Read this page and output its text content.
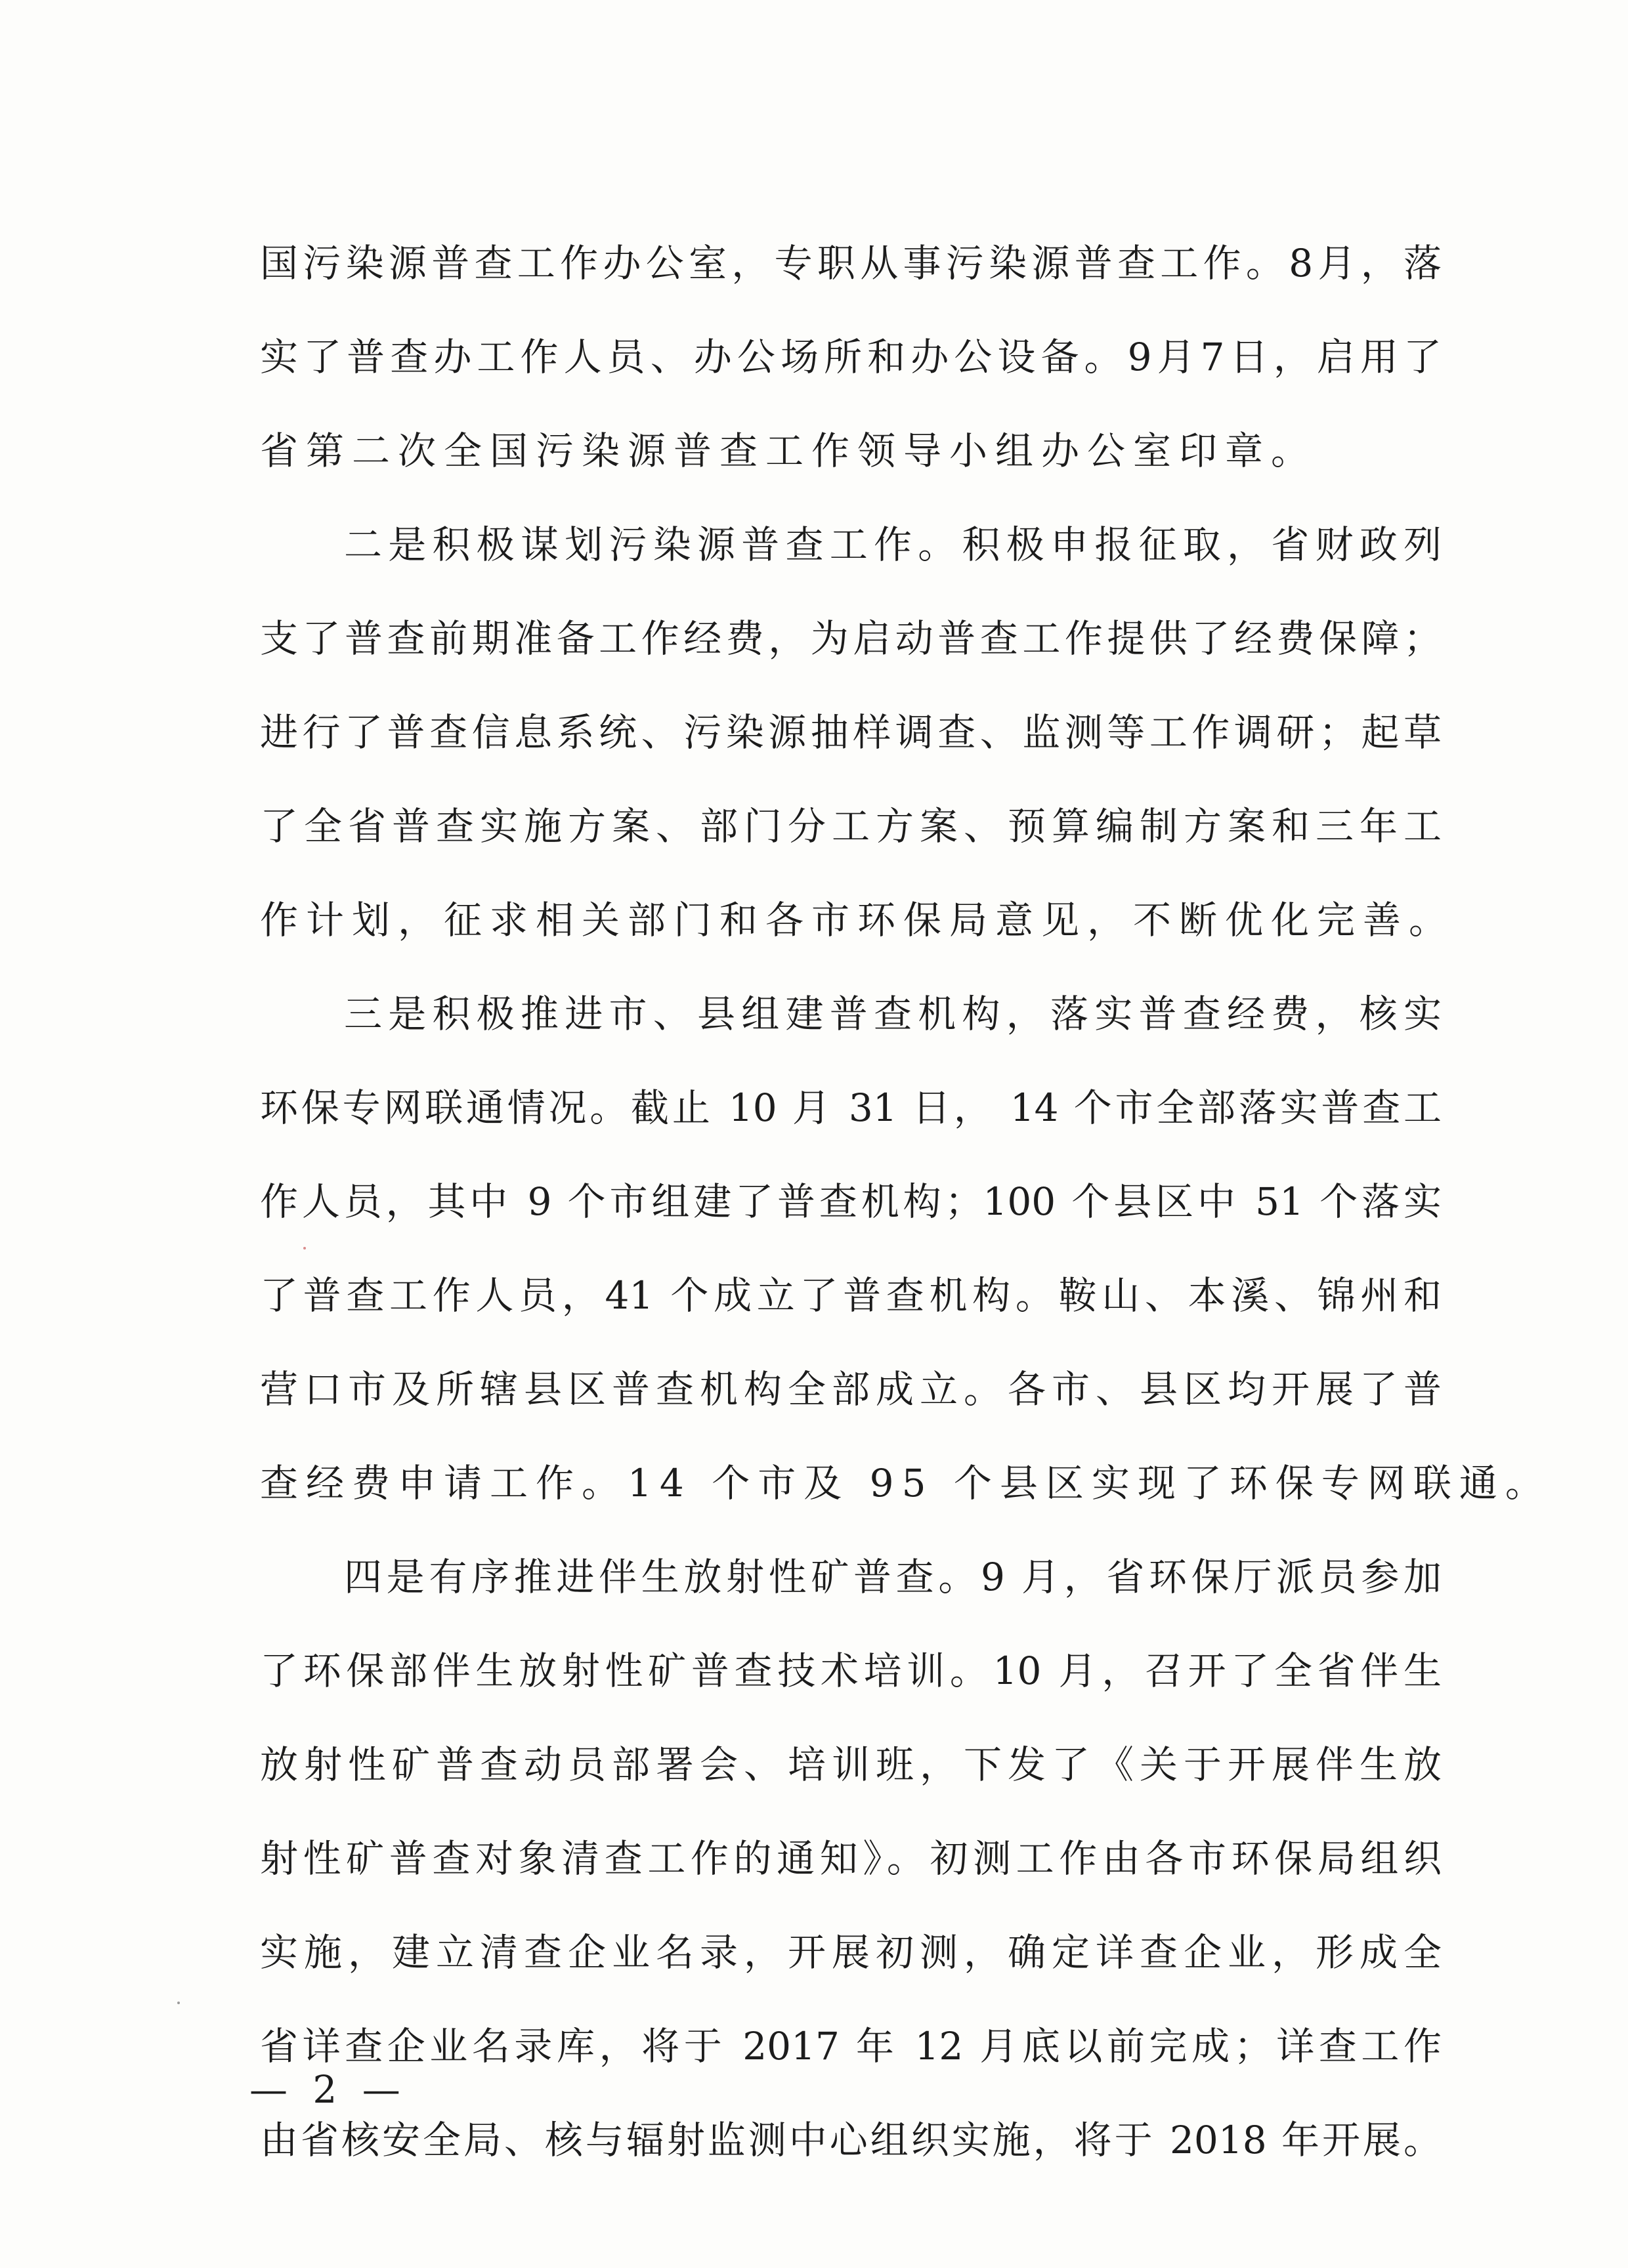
国污染源普查工作办公室，专职从事污染源普查工作。8月，落
实了普查办工作人员、办公场所和办公设备。9月7日，启用了
省第二次全国污染源普查工作领导小组办公室印章。
二是积极谋划污染源普查工作。积极申报征取，省财政列
支了普查前期准备工作经费，为启动普查工作提供了经费保障；
进行了普查信息系统、污染源抽样调查、监测等工作调研；起草
了全省普查实施方案、部门分工方案、预算编制方案和三年工
作计划，征求相关部门和各市环保局意见，不断优化完善。
三是积极推进市、县组建普查机构，落实普查经费，核实
环保专网联通情况。截止 10 月 31 日， 14 个市全部落实普查工
作人员，其中 9 个市组建了普查机构；100 个县区中 51 个落实
了普查工作人员，41 个成立了普查机构。鞍山、本溪、锦州和
营口市及所辖县区普查机构全部成立。各市、县区均开展了普
查经费申请工作。14 个市及 95 个县区实现了环保专网联通。
四是有序推进伴生放射性矿普查。9 月，省环保厅派员参加
了环保部伴生放射性矿普查技术培训。10 月，召开了全省伴生
放射性矿普查动员部署会、培训班，下发了《关于开展伴生放
射性矿普查对象清查工作的通知》。初测工作由各市环保局组织
实施，建立清查企业名录，开展初测，确定详查企业，形成全
省详查企业名录库，将于 2017 年 12 月底以前完成；详查工作
由省核安全局、核与辐射监测中心组织实施，将于 2018 年开展。
— 2 —
